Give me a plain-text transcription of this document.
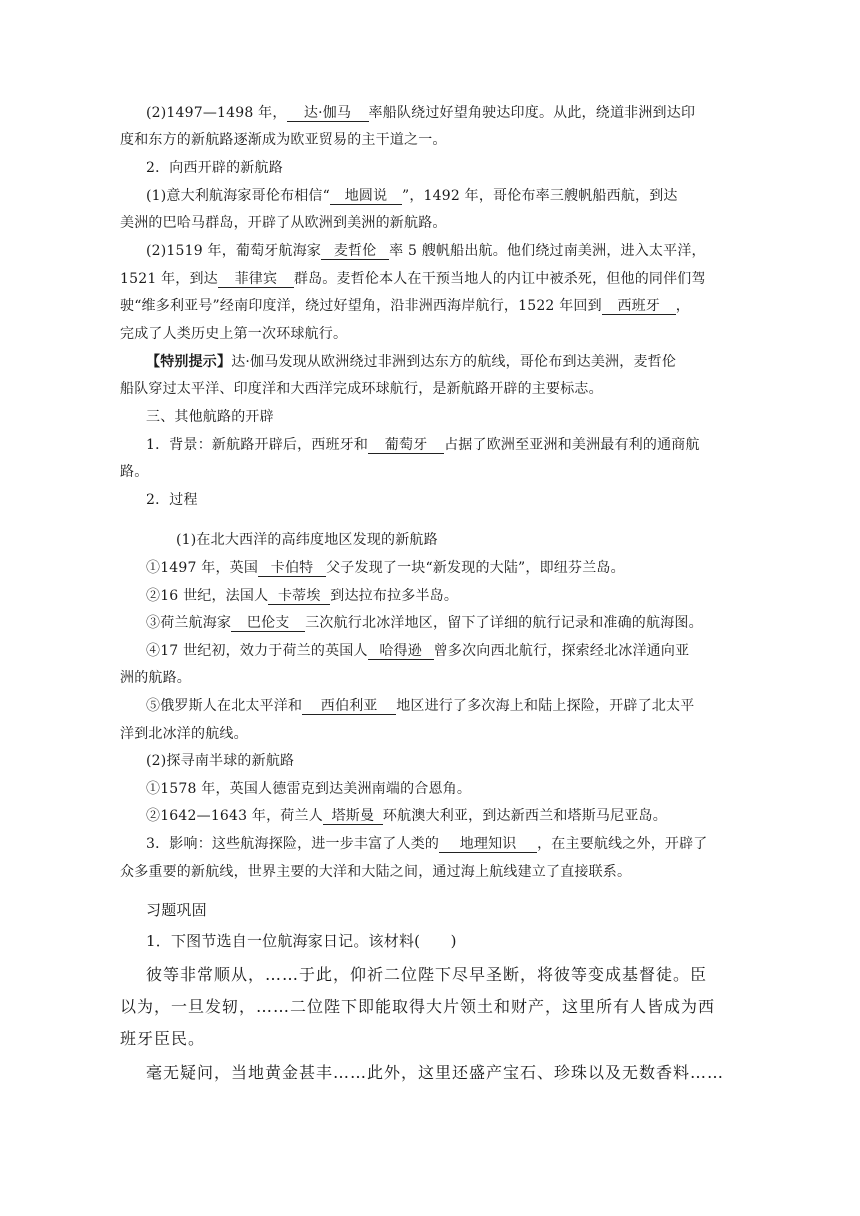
(2)1497—1498 年， 达·伽马 率船队绕过好望角驶达印度。从此，绕道非洲到达印
度和东方的新航路逐渐成为欧亚贸易的主干道之一。
2．向西开辟的新航路
(1)意大利航海家哥伦布相信“ 地圆说 ”，1492 年，哥伦布率三艘帆船西航，到达
美洲的巴哈马群岛，开辟了从欧洲到美洲的新航路。
(2)1519 年，葡萄牙航海家 麦哲伦 率 5 艘帆船出航。他们绕过南美洲，进入太平洋，
1521 年，到达 菲律宾 群岛。麦哲伦本人在干预当地人的内讧中被杀死，但他的同伴们驾
驶“维多利亚号”经南印度洋，绕过好望角，沿非洲西海岸航行，1522 年回到 西班牙 ，
完成了人类历史上第一次环球航行。
【特别提示】达·伽马发现从欧洲绕过非洲到达东方的航线，哥伦布到达美洲，麦哲伦
船队穿过太平洋、印度洋和大西洋完成环球航行，是新航路开辟的主要标志。
三、其他航路的开辟
1．背景：新航路开辟后，西班牙和 葡萄牙 占据了欧洲至亚洲和美洲最有利的通商航
路。
2．过程
(1)在北大西洋的高纬度地区发现的新航路
①1497 年，英国 卡伯特 父子发现了一块“新发现的大陆”，即纽芬兰岛。
②16 世纪，法国人 卡蒂埃 到达拉布拉多半岛。
③荷兰航海家 巴伦支 三次航行北冰洋地区，留下了详细的航行记录和准确的航海图。
④17 世纪初，效力于荷兰的英国人 哈得逊 曾多次向西北航行，探索经北冰洋通向亚
洲的航路。
⑤俄罗斯人在北太平洋和 西伯利亚 地区进行了多次海上和陆上探险，开辟了北太平
洋到北冰洋的航线。
(2)探寻南半球的新航路
①1578 年，英国人德雷克到达美洲南端的合恩角。
②1642—1643 年，荷兰人 塔斯曼 环航澳大利亚，到达新西兰和塔斯马尼亚岛。
3．影响：这些航海探险，进一步丰富了人类的 地理知识 ，在主要航线之外，开辟了
众多重要的新航线，世界主要的大洋和大陆之间，通过海上航线建立了直接联系。
习题巩固
1．下图节选自一位航海家日记。该材料(　　)
彼等非常顺从，……于此，仰祈二位陛下尽早圣断，将彼等变成基督徒。臣
以为，一旦发轫，……二位陛下即能取得大片领土和财产，这里所有人皆成为西
班牙臣民。
毫无疑问，当地黄金甚丰……此外，这里还盛产宝石、珍珠以及无数香料……
